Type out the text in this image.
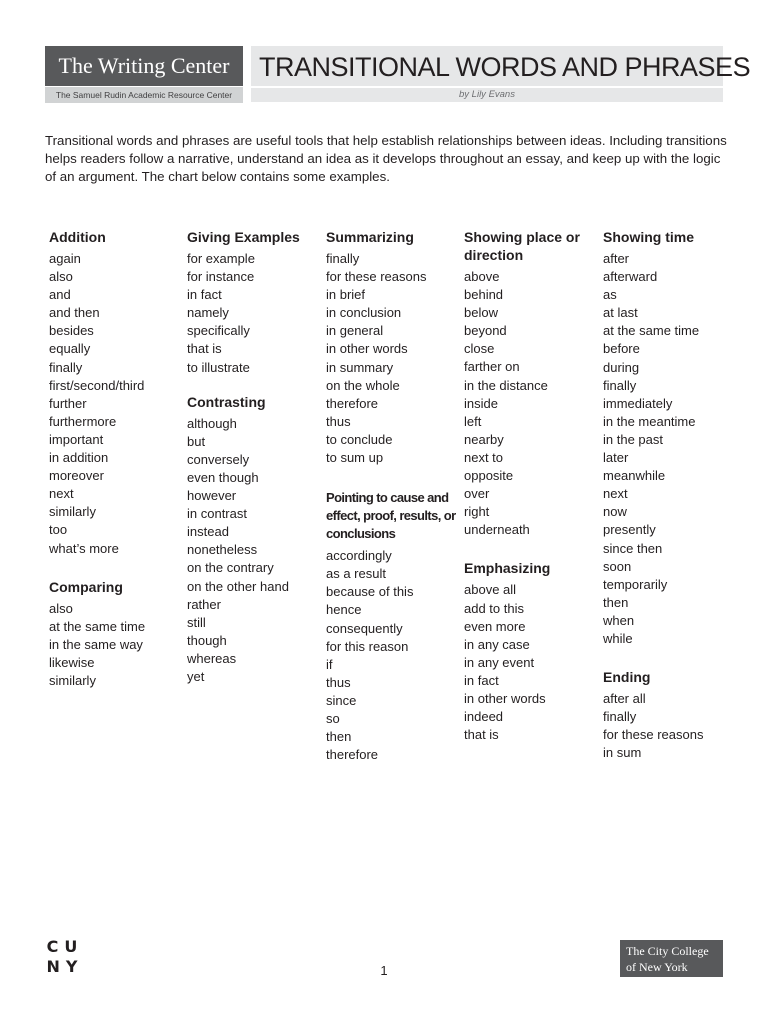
The Writing Center
The Samuel Rudin Academic Resource Center
TRANSITIONAL WORDS AND PHRASES
by Lily Evans

Transitional words and phrases are useful tools that help establish relationships between ideas. Including transitions helps readers follow a narrative, understand an idea as it develops throughout an essay, and keep up with the logic of an argument. The chart below contains some examples.

Addition
again
also
and
and then
besides
equally
finally
first/second/third
further
furthermore
important
in addition
moreover
next
similarly
too
what’s more
Comparing
also
at the same time
in the same way
likewise
similarly
Giving Examples
for example
for instance
in fact
namely
specifically
that is
to illustrate
Contrasting
although
but
conversely
even though
however
in contrast
instead
nonetheless
on the contrary
on the other hand
rather
still
though
whereas
yet
Summarizing
finally
for these reasons
in brief
in conclusion
in general
in other words
in summary
on the whole
therefore
thus
to conclude
to sum up
Pointing to cause and effect, proof, results, or conclusions
accordingly
as a result
because of this
hence
consequently
for this reason
if
thus
since
so
then
therefore
Showing place or direction
above
behind
below
beyond
close
farther on
in the distance
inside
left
nearby
next to
opposite
over
right
underneath
Emphasizing
above all
add to this
even more
in any case
in any event
in fact
in other words
indeed
that is
Showing time
after
afterward
as
at last
at the same time
before
during
finally
immediately
in the meantime
in the past
later
meanwhile
next
now
presently
since then
soon
temporarily
then
when
while
Ending
after all
finally
for these reasons
in sum
CU
NY	1
The City College of New York
